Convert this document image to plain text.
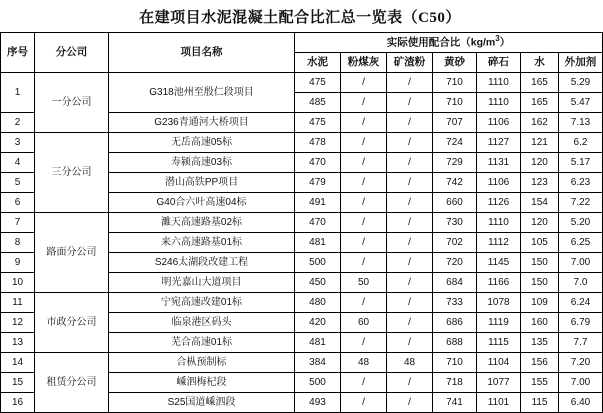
在建项目水泥混凝土配合比汇总一览表（C50）
序号	分公司	项目名称	实际使用配合比$(kg/m^3)$						
			水泥	粉煤灰	矿渣粉	黄砂	碎石	水	外加剂
1	一分公司	G318池州至殷仁段项目	475	/	/	710	1110	165	5.29
			485	/	/	710	1110	165	5.47
2		G236青通河大桥项目	475	/	/	707	1106	162	7.13
3	三分公司	无岳高速05标	478	/	/	724	1127	121	6.2
4		寿颍高速03标	470	/	/	729	1131	120	5.17
5		潜山高铁PP项目	479	/	/	742	1106	123	6.23
6		G40合六叶高速04标	491	/	/	660	1126	154	7.22
7	路面分公司	濉天高速路基02标	470	/	/	730	1110	120	5.20
8		来六高速路基01标	481	/	/	702	1112	105	6.25
9		S246太湖段改建工程	500	/	/	720	1145	150	7.00
10		明光嘉山大道项目	450	50	/	684	1166	150	7.0
11	市政分公司	宁宛高速改建01标	480	/	/	733	1078	109	6.24
12		临泉港区码头	420	60	/	686	1119	160	6.79
13		芜合高速01标	481	/	/	688	1115	135	7.7
14	租赁分公司	合枞预制标	384	48	48	710	1104	156	7.20
15		嵊泗梅杞段	500	/	/	718	1077	155	7.00
16		S25国道嵊泗段	493	/	/	741	1101	115	6.40
